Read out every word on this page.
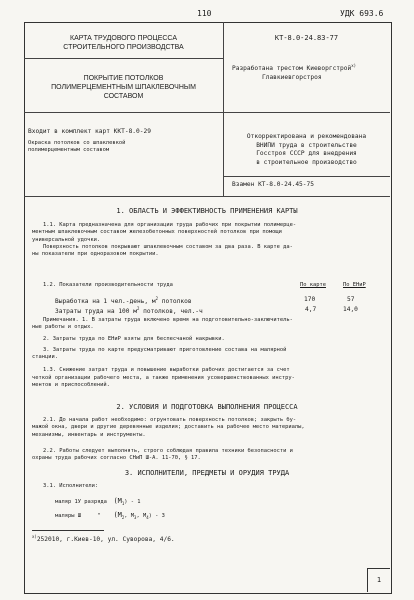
110	УДК 693.6
КАРТА ТРУДОВОГО ПРОЦЕССА
СТРОИТЕЛЬНОГО ПРОИЗВОДСТВА
ПОКРЫТИЕ ПОТОЛКОВ
ПОЛИМЕРЦЕМЕНТНЫМ ШПАКЛЕВОЧНЫМ
СОСТАВОМ
Входит в комплект карт ККТ-8.0-29
Окраска потолков со шпаклевкой
полимерцементным составом
КТ-8.0-24.83-77
Разработана трестом Киеворгстрой$^{x)}$
Главкиевгорстроя
Откорректирована и рекомендована
ВНИПИ труда в строительстве
Госстроя СССР для внедрения
в строительное производство
Взамен КТ-8.0-24.45-75
1. ОБЛАСТЬ И ЭФФЕКТИВНОСТЬ ПРИМЕНЕНИЯ КАРТЫ

1.1. Карта предназначена для организации труда рабочих при покрытии полимерце-

ментным шпаклевочным составом железобетонных поверхностей потолков при помощи

универсальной удочки.

Поверхность потолков покрывают шпаклевочным составом за два раза. В карте да-

ны показатели при одноразовом покрытии.

1.2. Показатели производительности труда	По карте	По ЕНиР
Выработка на 1 чел.-день, $м^2$ потолков	170	57
Затраты труда на 100 $м^2$ потолков, чел.-ч	4,7	14,0

Примечания. 1. В затраты труда включено время на подготовительно-заключитель-

ные работы и отдых.

2. Затраты труда по ЕНиР взяты для беспесчаной накрывки.

3. Затраты труда по карте предусматривают приготовление состава на малярной

станции.

1.3. Снижение затрат труда и повышение выработки рабочих достигается за счет

четкой организации рабочего места, а также применения усовершенствованных инстру-

ментов и приспособлений.

2. УСЛОВИЯ И ПОДГОТОВКА ВЫПОЛНЕНИЯ ПРОЦЕССА

2.1. До начала работ необходимо: огрунтовать поверхность потолков; закрыть бу-

мажой окна, двери и другие деревянные изделия; доставить на рабочее место материалы,

механизмы, инвентарь и инструменты.

2.2. Работы следует выполнять, строго соблюдая правила техники безопасности и

охраны труда рабочих согласно СНиП Ш-А. 11-70, § 17.

3. ИСПОЛНИТЕЛИ, ПРЕДМЕТЫ И ОРУДИЯ ТРУДА
3.1. Исполнители:
маляр 1У разряда $(М_1) - 1$
маляры Ш	" ($М_2$, $М_3$, $М_4) - 3$
$^{x)}$252010, г.Киев-10, ул. Суворова, 4/6.
1
